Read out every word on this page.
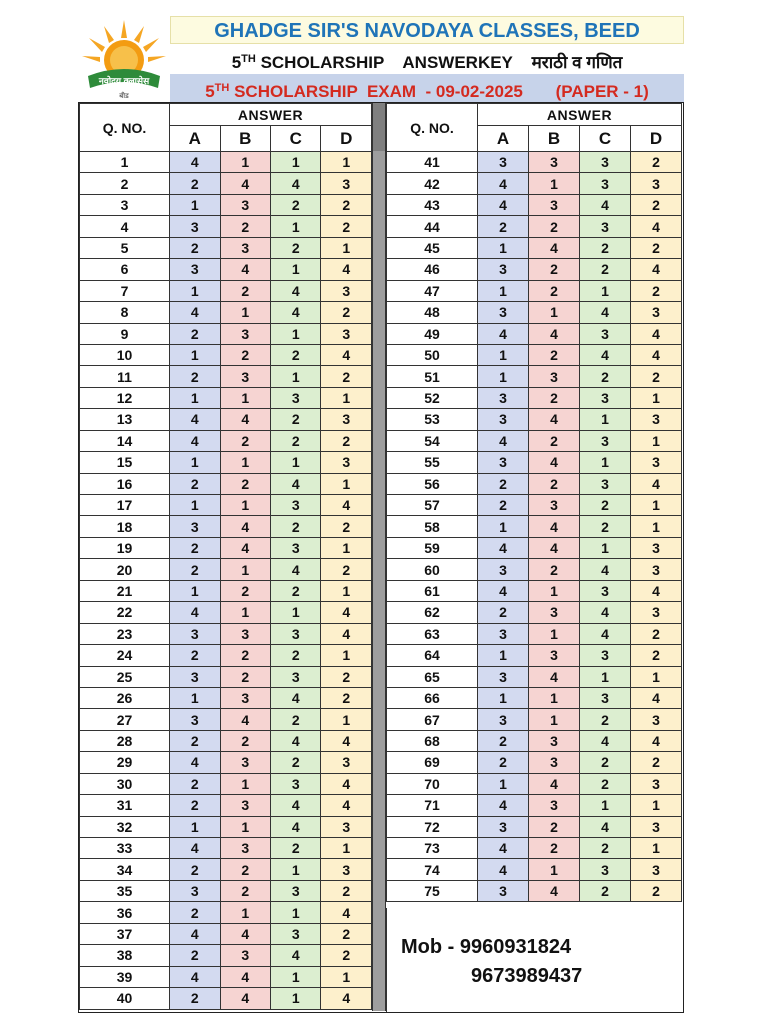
नवोदय क्लासेस
बीड
GHADGE SIR'S NAVODAYA CLASSES, BEED
5TH SCHOLARSHIP ANSWERKEY मराठी व गणित
5TH SCHOLARSHIP  EXAM  - 09-02-2025 (PAPER - 1)
Q. NO.	ANSWER			
	A	B	C	D
1	4	1	1	1
2	2	4	4	3
3	1	3	2	2
4	3	2	1	2
5	2	3	2	1
6	3	4	1	4
7	1	2	4	3
8	4	1	4	2
9	2	3	1	3
10	1	2	2	4
11	2	3	1	2
12	1	1	3	1
13	4	4	2	3
14	4	2	2	2
15	1	1	1	3
16	2	2	4	1
17	1	1	3	4
18	3	4	2	2
19	2	4	3	1
20	2	1	4	2
21	1	2	2	1
22	4	1	1	4
23	3	3	3	4
24	2	2	2	1
25	3	2	3	2
26	1	3	4	2
27	3	4	2	1
28	2	2	4	4
29	4	3	2	3
30	2	1	3	4
31	2	3	4	4
32	1	1	4	3
33	4	3	2	1
34	2	2	1	3
35	3	2	3	2
36	2	1	1	4
37	4	4	3	2
38	2	3	4	2
39	4	4	1	1
40	2	4	1	4
Q. NO.	ANSWER			
	A	B	C	D
41	3	3	3	2
42	4	1	3	3
43	4	3	4	2
44	2	2	3	4
45	1	4	2	2
46	3	2	2	4
47	1	2	1	2
48	3	1	4	3
49	4	4	3	4
50	1	2	4	4
51	1	3	2	2
52	3	2	3	1
53	3	4	1	3
54	4	2	3	1
55	3	4	1	3
56	2	2	3	4
57	2	3	2	1
58	1	4	2	1
59	4	4	1	3
60	3	2	4	3
61	4	1	3	4
62	2	3	4	3
63	3	1	4	2
64	1	3	3	2
65	3	4	1	1
66	1	1	3	4
67	3	1	2	3
68	2	3	4	4
69	2	3	2	2
70	1	4	2	3
71	4	3	1	1
72	3	2	4	3
73	4	2	2	1
74	4	1	3	3
75	3	4	2	2
Mob - 9960931824
9673989437
